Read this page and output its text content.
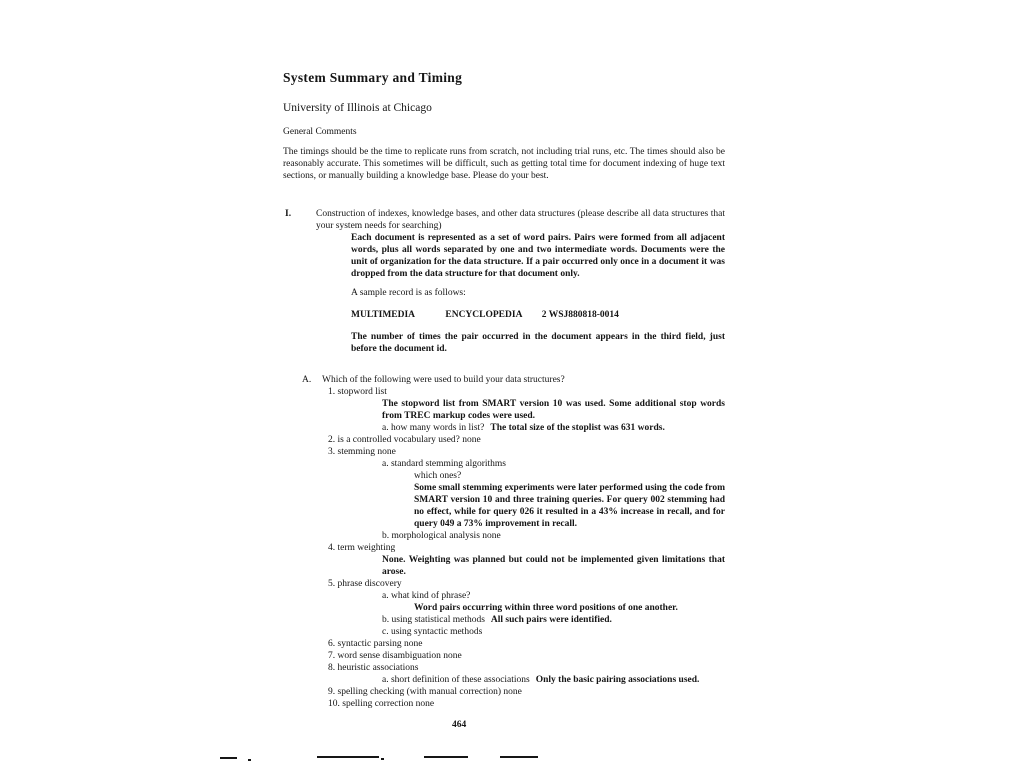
System Summary and Timing
University of Illinois at Chicago
General Comments
The timings should be the time to replicate runs from scratch, not including trial runs, etc. The times should also be reasonably accurate. This sometimes will be difficult, such as getting total time for document indexing of huge text sections, or manually building a knowledge base. Please do your best.
I.	Construction of indexes, knowledge bases, and other data structures (please describe all data structures that your system needs for searching)
Each document is represented as a set of word pairs. Pairs were formed from all adjacent words, plus all words separated by one and two intermediate words. Documents were the unit of organization for the data structure. If a pair occurred only once in a document it was dropped from the data structure for that document only.
A sample record is as follows:
MULTIMEDIA	ENCYCLOPEDIA 2 WSJ880818-0014
The number of times the pair occurred in the document appears in the third field, just before the document id.
A. Which of the following were used to build your data structures?
1. stopword list
The stopword list from SMART version 10 was used. Some additional stop words from TREC markup codes were used.
a. how many words in list? The total size of the stoplist was 631 words.
2. is a controlled vocabulary used? none
3. stemming none
a. standard stemming algorithms
which ones?
Some small stemming experiments were later performed using the code from SMART version 10 and three training queries. For query 002 stemming had no effect, while for query 026 it resulted in a 43% increase in recall, and for query 049 a 73% improvement in recall.
b. morphological analysis none
4. term weighting
None. Weighting was planned but could not be implemented given limitations that arose.
5. phrase discovery
a. what kind of phrase?
Word pairs occurring within three word positions of one another.
b. using statistical methods All such pairs were identified.
c. using syntactic methods
6. syntactic parsing none
7. word sense disambiguation none
8. heuristic associations
a. short definition of these associations Only the basic pairing associations used.
9. spelling checking (with manual correction) none
10. spelling correction none
464
